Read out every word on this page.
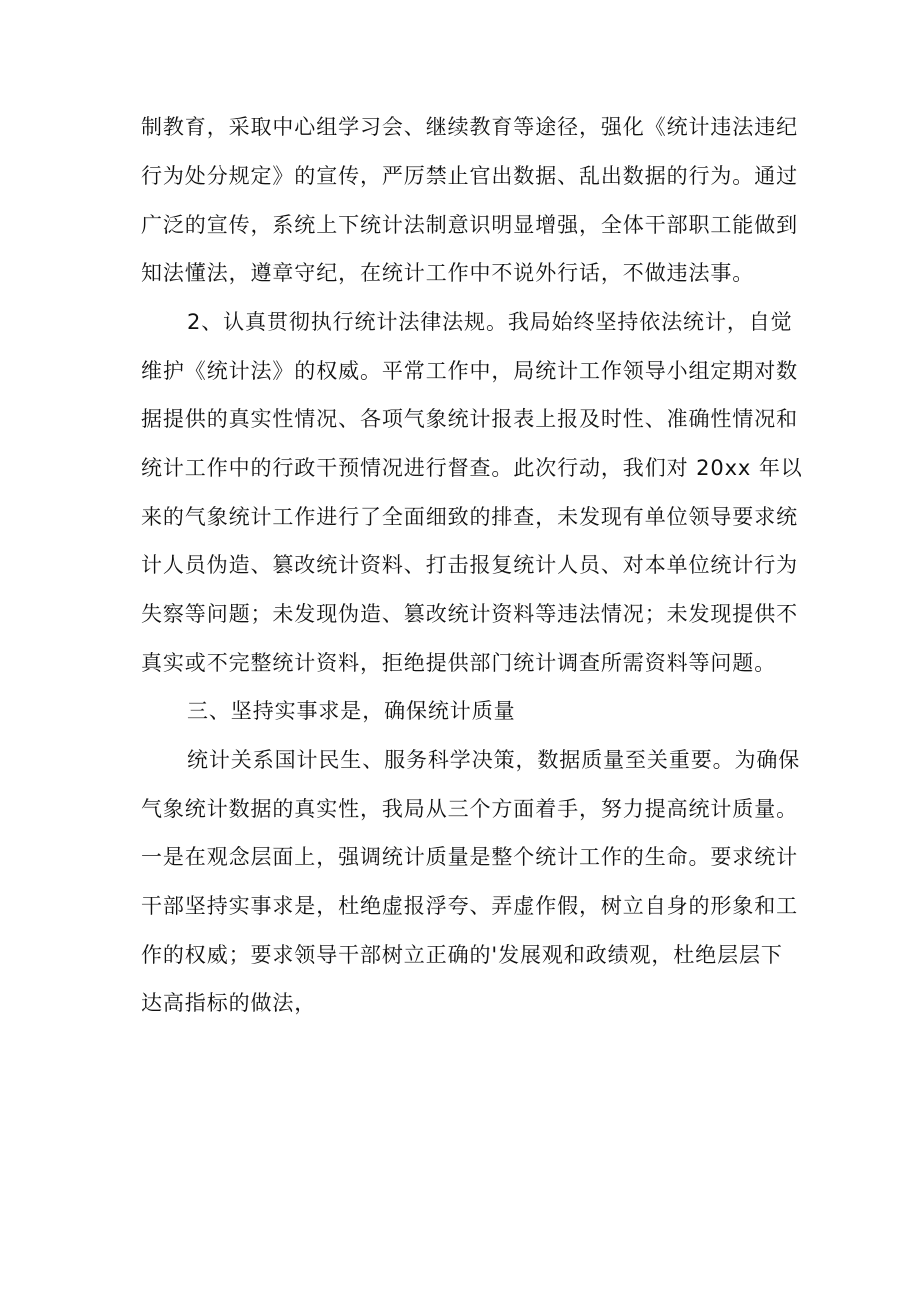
制教育，采取中心组学习会、继续教育等途径，强化《统计违法违纪
行为处分规定》的宣传，严厉禁止官出数据、乱出数据的行为。通过
广泛的宣传，系统上下统计法制意识明显增强，全体干部职工能做到
知法懂法，遵章守纪，在统计工作中不说外行话，不做违法事。
2、认真贯彻执行统计法律法规。我局始终坚持依法统计，自觉
维护《统计法》的权威。平常工作中，局统计工作领导小组定期对数
据提供的真实性情况、各项气象统计报表上报及时性、准确性情况和
统计工作中的行政干预情况进行督查。此次行动，我们对 20xx 年以
来的气象统计工作进行了全面细致的排查，未发现有单位领导要求统
计人员伪造、篡改统计资料、打击报复统计人员、对本单位统计行为
失察等问题；未发现伪造、篡改统计资料等违法情况；未发现提供不
真实或不完整统计资料，拒绝提供部门统计调查所需资料等问题。
三、坚持实事求是，确保统计质量
统计关系国计民生、服务科学决策，数据质量至关重要。为确保
气象统计数据的真实性，我局从三个方面着手，努力提高统计质量。
一是在观念层面上，强调统计质量是整个统计工作的生命。要求统计
干部坚持实事求是，杜绝虚报浮夸、弄虚作假，树立自身的形象和工
作的权威；要求领导干部树立正确的'发展观和政绩观，杜绝层层下
达高指标的做法，
